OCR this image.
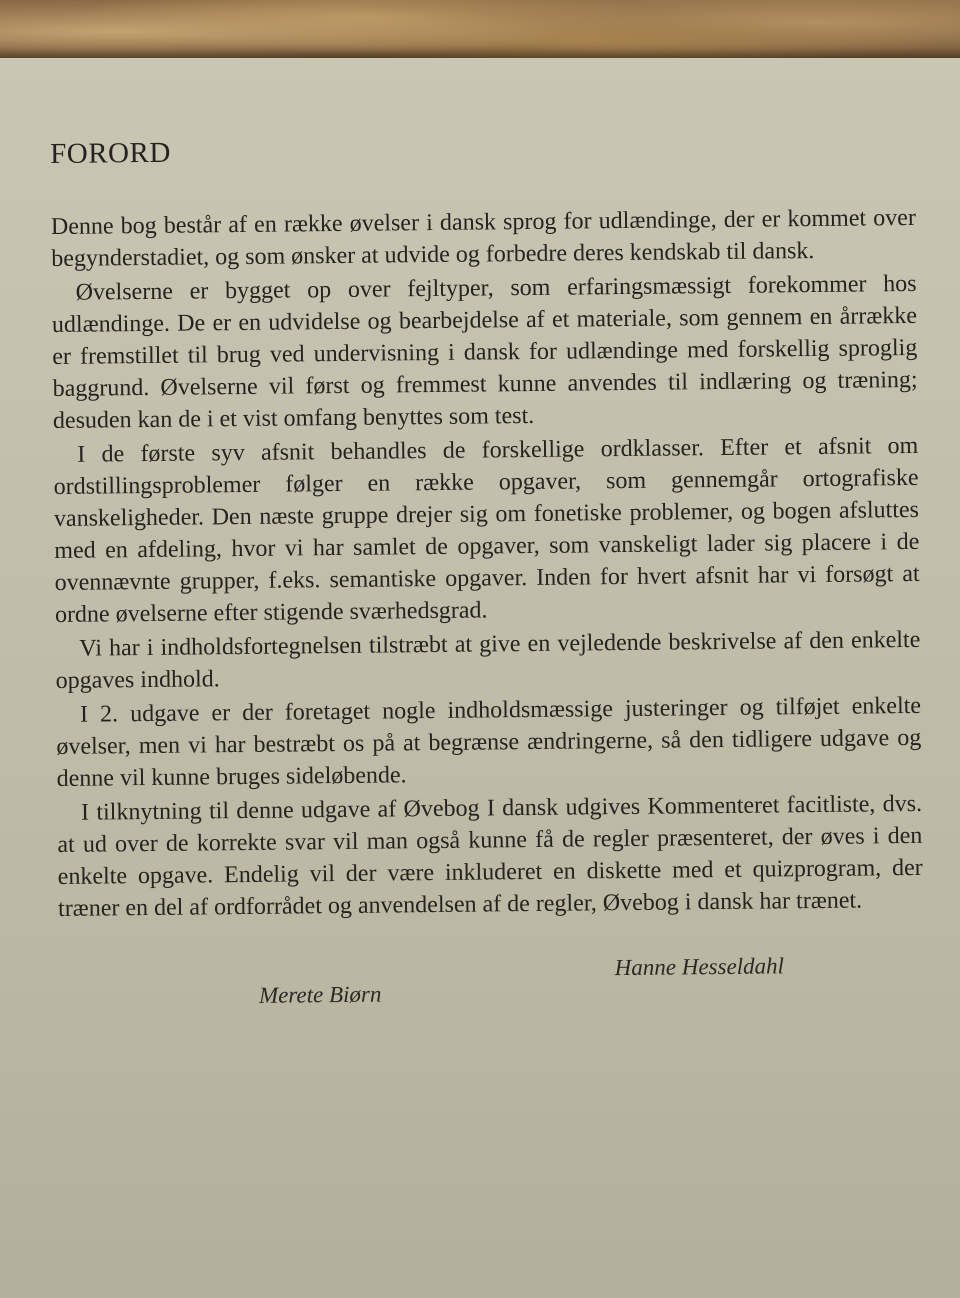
FORORD

Denne bog består af en række øvelser i dansk sprog for udlændinge, der er kommet over begynderstadiet, og som ønsker at udvide og forbedre deres kendskab til dansk.

Øvelserne er bygget op over fejltyper, som erfaringsmæssigt forekommer hos udlændinge. De er en udvidelse og bearbejdelse af et materiale, som gennem en årrække er fremstillet til brug ved undervisning i dansk for udlændinge med forskellig sproglig baggrund. Øvelserne vil først og fremmest kunne anvendes til indlæring og træning; desuden kan de i et vist omfang benyttes som test.

I de første syv afsnit behandles de forskellige ordklasser. Efter et afsnit om ordstillingsproblemer følger en række opgaver, som gennemgår ortografiske vanskeligheder. Den næste gruppe drejer sig om fonetiske problemer, og bogen afsluttes med en afdeling, hvor vi har samlet de opgaver, som vanskeligt lader sig placere i de ovennævnte grupper, f.eks. semantiske opgaver. Inden for hvert afsnit har vi forsøgt at ordne øvelserne efter stigende sværhedsgrad.

Vi har i indholdsfortegnelsen tilstræbt at give en vejledende beskrivelse af den enkelte opgaves indhold.

I 2. udgave er der foretaget nogle indholdsmæssige justeringer og tilføjet enkelte øvelser, men vi har bestræbt os på at begrænse ændringerne, så den tidligere udgave og denne vil kunne bruges sideløbende.

I tilknytning til denne udgave af Øvebog I dansk udgives Kommenteret facitliste, dvs. at ud over de korrekte svar vil man også kunne få de regler præsenteret, der øves i den enkelte opgave. Endelig vil der være inkluderet en diskette med et quizprogram, der træner en del af ordforrådet og anvendelsen af de regler, Øvebog i dansk har trænet.

Merete Biørn
Hanne Hesseldahl
